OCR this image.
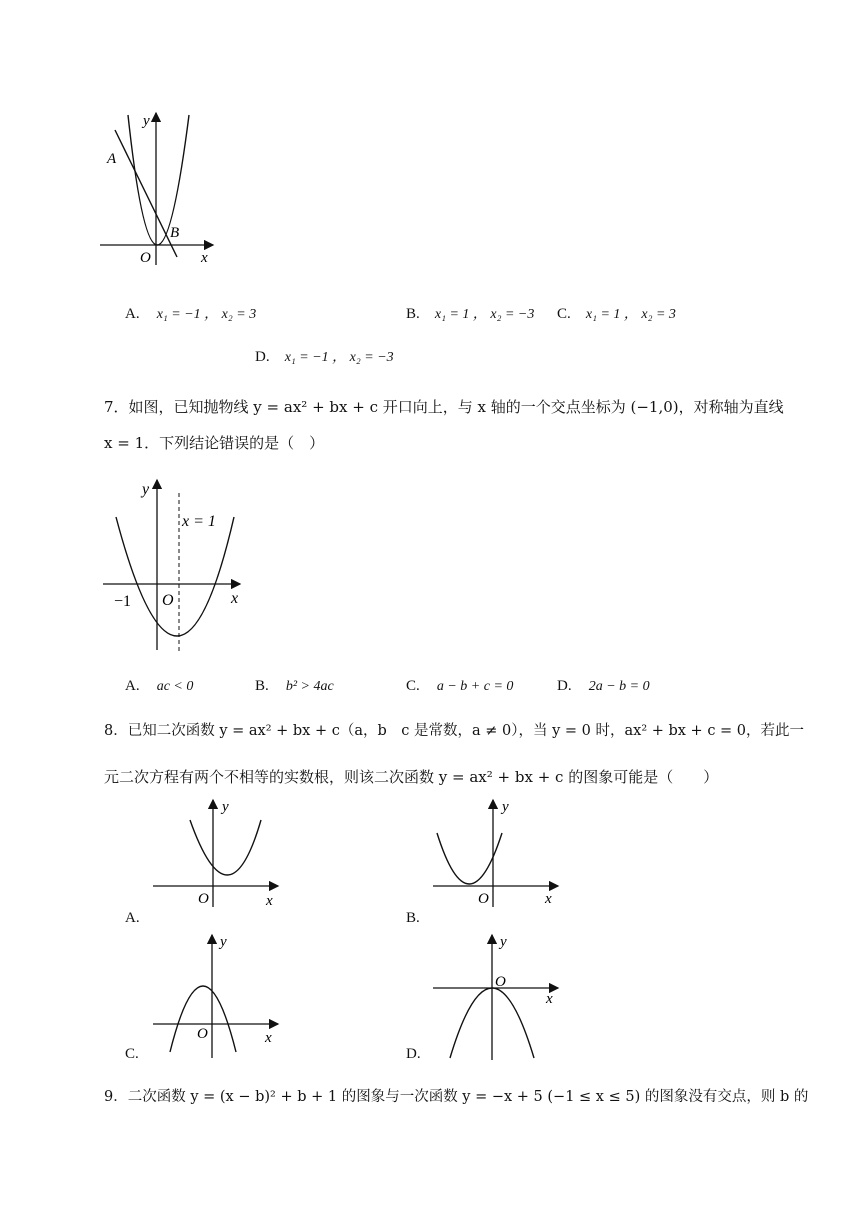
y
x
O
A
B
A. x₁ = −1 ， x₂ = 3	B. x₁ = 1 ， x₂ = −3 C. x₁ = 1 ， x₂ = 3
D. x₁ = −1 ， x₂ = −3
7．如图，已知抛物线 y = ax² + bx + c 开口向上，与 x 轴的一个交点坐标为 (−1,0)，对称轴为直线
x = 1．下列结论错误的是（　）
y
x
O
−1
x = 1
A. ac < 0	B. b² > 4ac	C. a − b + c = 0	D. 2a − b = 0
8．已知二次函数 y = ax² + bx + c（a，b　c 是常数，a ≠ 0），当 y = 0 时，ax² + bx + c = 0，若此一
元二次方程有两个不相等的实数根，则该二次函数 y = ax² + bx + c 的图象可能是（　　）
y
x
O
A.
y
x
O
B.
y
x
O
C.
y
x
O
D.
9．二次函数 y = (x − b)² + b + 1 的图象与一次函数 y = −x + 5 (−1 ≤ x ≤ 5) 的图象没有交点，则 b 的
